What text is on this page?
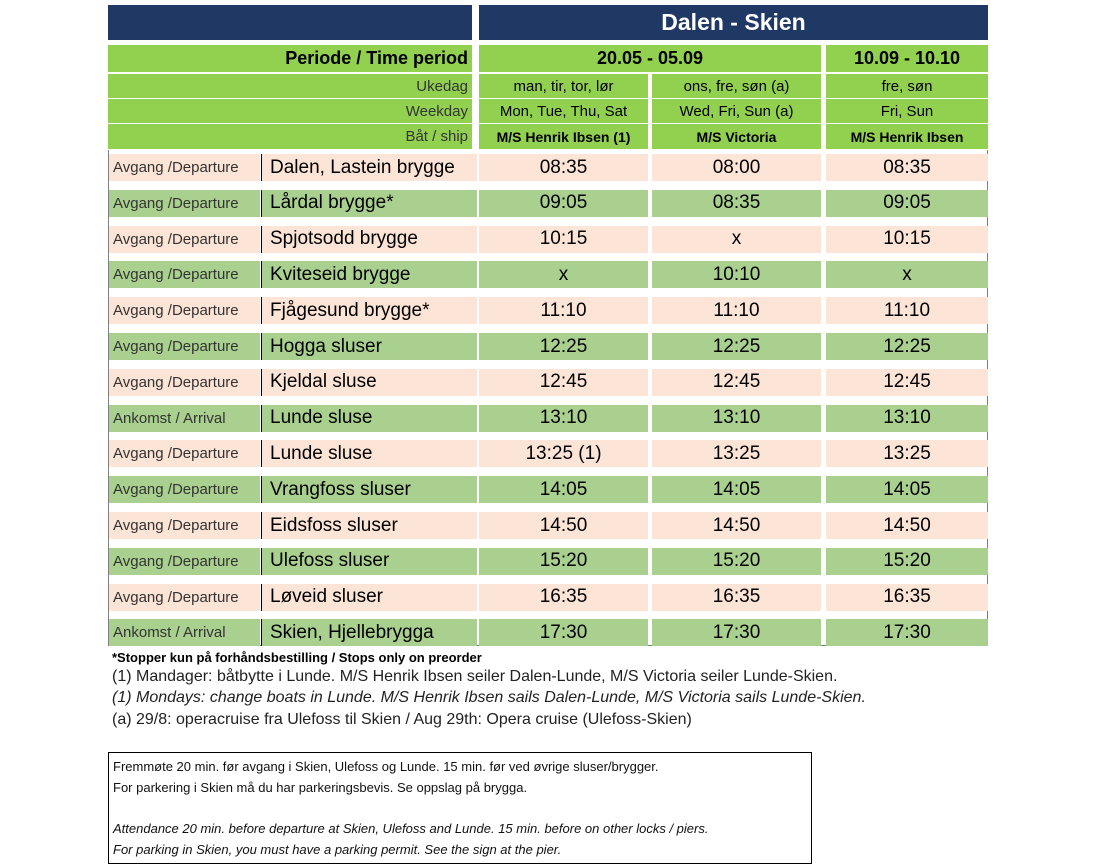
Dalen - Skien
Periode / Time period	20.05 - 05.09	10.09 - 10.10
Ukedag	man, tir, tor, lør	ons, fre, søn (a)	fre, søn
Weekday	Mon, Tue, Thu, Sat	Wed, Fri, Sun (a)	Fri, Sun
Båt / ship	M/S Henrik Ibsen (1)	M/S Victoria	M/S Henrik Ibsen
Avgang /Departure	Dalen, Lastein brygge	08:35	08:00	08:35
Avgang /Departure	Lårdal brygge*	09:05	08:35	09:05
Avgang /Departure	Spjotsodd brygge	10:15	x	10:15
Avgang /Departure	Kviteseid brygge	x	10:10	x
Avgang /Departure	Fjågesund brygge*	11:10	11:10	11:10
Avgang /Departure	Hogga sluser	12:25	12:25	12:25
Avgang /Departure	Kjeldal sluse	12:45	12:45	12:45
Ankomst / Arrival	Lunde sluse	13:10	13:10	13:10
Avgang /Departure	Lunde sluse	13:25 (1)	13:25	13:25
Avgang /Departure	Vrangfoss sluser	14:05	14:05	14:05
Avgang /Departure	Eidsfoss sluser	14:50	14:50	14:50
Avgang /Departure	Ulefoss sluser	15:20	15:20	15:20
Avgang /Departure	Løveid sluser	16:35	16:35	16:35
Ankomst / Arrival	Skien, Hjellebrygga	17:30	17:30	17:30
*Stopper kun på forhåndsbestilling / Stops only on preorder
(1) Mandager: båtbytte i Lunde. M/S Henrik Ibsen seiler Dalen-Lunde, M/S Victoria seiler Lunde-Skien.
(1) Mondays: change boats in Lunde. M/S Henrik Ibsen sails Dalen-Lunde, M/S Victoria sails Lunde-Skien.
(a) 29/8: operacruise fra Ulefoss til Skien / Aug 29th: Opera cruise (Ulefoss-Skien)
Fremmøte 20 min. før avgang i Skien, Ulefoss og Lunde. 15 min. før ved øvrige sluser/brygger.
For parkering i Skien må du har parkeringsbevis. Se oppslag på brygga.
Attendance 20 min. before departure at Skien, Ulefoss and Lunde. 15 min. before on other locks / piers.
For parking in Skien, you must have a parking permit. See the sign at the pier.
